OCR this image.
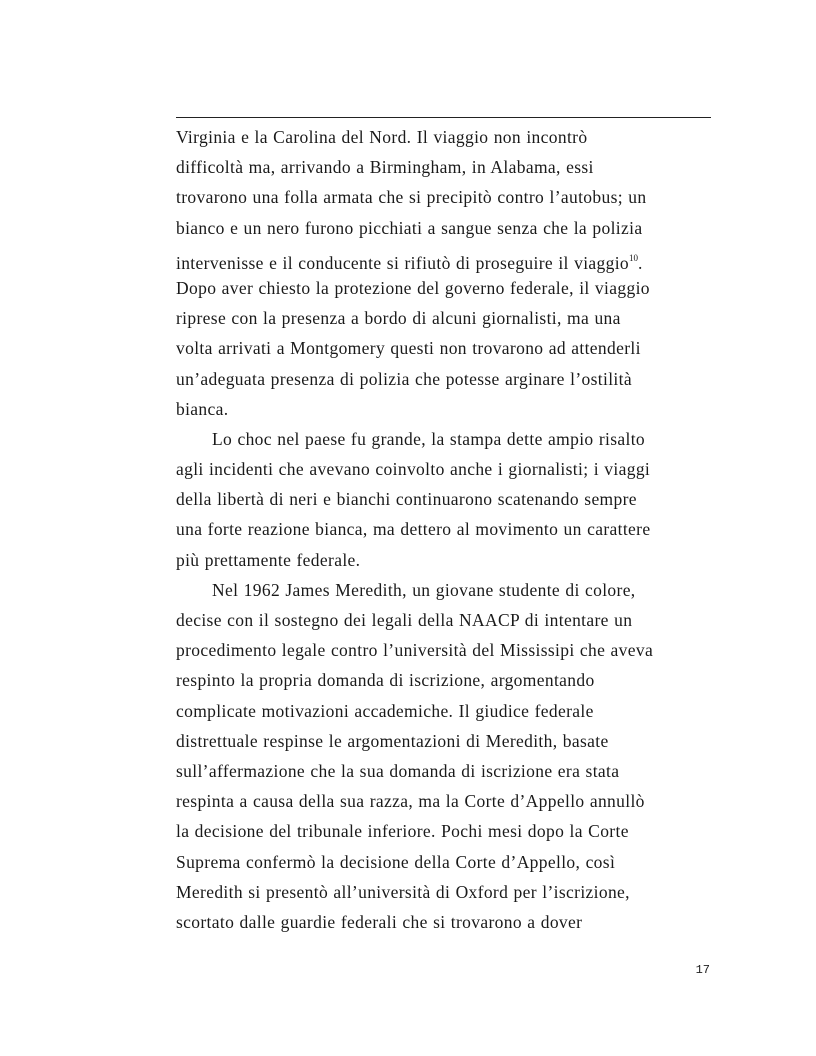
Virginia e la Carolina del Nord. Il viaggio non incontrò
difficoltà ma, arrivando a Birmingham, in Alabama, essi
trovarono una folla armata che si precipitò contro l’autobus; un
bianco e un nero furono picchiati a sangue senza che la polizia
intervenisse e il conducente si rifiutò di proseguire il viaggio$^{10}$.
Dopo aver chiesto la protezione del governo federale, il viaggio
riprese con la presenza a bordo di alcuni giornalisti, ma una
volta arrivati a Montgomery questi non trovarono ad attenderli
un’adeguata presenza di polizia che potesse arginare l’ostilità
bianca.
Lo choc nel paese fu grande, la stampa dette ampio risalto
agli incidenti che avevano coinvolto anche i giornalisti; i viaggi
della libertà di neri e bianchi continuarono scatenando sempre
una forte reazione bianca, ma dettero al movimento un carattere
più prettamente federale.
Nel 1962 James Meredith, un giovane studente di colore,
decise con il sostegno dei legali della NAACP di intentare un
procedimento legale contro l’università del Mississipi che aveva
respinto la propria domanda di iscrizione, argomentando
complicate motivazioni accademiche. Il giudice federale
distrettuale respinse le argomentazioni di Meredith, basate
sull’affermazione che la sua domanda di iscrizione era stata
respinta a causa della sua razza, ma la Corte d’Appello annullò
la decisione del tribunale inferiore. Pochi mesi dopo la Corte
Suprema confermò la decisione della Corte d’Appello, così
Meredith si presentò all’università di Oxford per l’iscrizione,
scortato dalle guardie federali che si trovarono a dover
17
